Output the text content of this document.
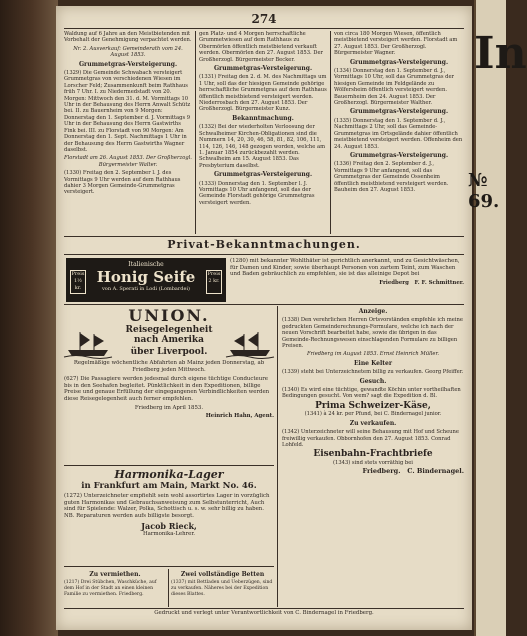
274

Waldung auf 6 Jahre an den Meistbietenden mit Vorbehalt der Genehmigung verpachtet werden.

Nr. 2. Ausverkauf: Gemeinderath vom 24. August 1853.

Grummetgras-Versteigerung.

(1329) Die Gemeinde Schwabach versteigert Grummetgras von verschiedenen Wiesen im Lorscher Feld; Zusammenkunft beim Rathhaus früh 7 Uhr. I. zu Niedermedstadt von 20. Morgen: Mittwoch den 31. d. M. Vormittags 10 Uhr in der Behausung des Herrn Anwalt Schütz bei. II. zu Bauernheim von 9 Morgen: Donnerstag den 1. September d. J. Vormittags 9 Uhr in der Behausung des Herrn Gastwirths Fink bei. III. zu Florstadt von 90 Morgen: Am Donnerstag den 1. Sept. Nachmittags 1 Uhr in der Behausung des Herrn Gastwirths Wagner daselbst.

Florstadt am 26. August 1853. Der Großherzogl. Bürgermeister Walter.

(1330) Freitag den 2. September l. J. des Vormittags 9 Uhr werden auf dem Rathhaus dahier 3 Morgen Gemeinde-Grummetgras versteigert.

gen Platz- und 4 Morgen herrschaftliche Grummetwiesen auf dem Rathhaus zu Obermörlen öffentlich meistbietend verkauft werden. Obermörlen den 27. August 1853. Der Großherzogl. Bürgermeister Becker.

Grummetgras-Versteigerung.

(1331) Freitag den 2. d. M. des Nachmittags um 1 Uhr, soll das der hiesigen Gemeinde gehörige herrschaftliche Grummetgras auf dem Rathhaus öffentlich meistbietend versteigert werden. Niederrosbach den 27. August 1853. Der Großherzogl. Bürgermeister Kunz.

Bekanntmachung.

(1332) Bei der wiederholten Verloosung der Schwalheimer Kirchen-Obligationen sind die Nummern 14, 20, 30, 46, 58, 81, 82, 106, 111, 114, 126, 146, 148 gezogen worden, welche am 1. Januar 1854 zurückbezahlt werden. Schwalheim am 15. August 1853. Das Presbyterium daselbst.

Grummetgras-Versteigerung.

(1333) Donnerstag den 1. September l. J. Vormittags 10 Uhr anfangend, soll das der Gemeinde Florstadt gehörige Grummetgras versteigert werden.

von circa 180 Morgen Wiesen, öffentlich meistbietend versteigert werden. Florstadt am 27. August 1853. Der Großherzogl. Bürgermeister Wagner.

Grummetgras-Versteigerung.

(1334) Donnerstag den 1. September d. J., Vormittags 10 Uhr, soll das Grummetgras der hiesigen Gemeinde im Feldgelände zu Wölfersheim öffentlich versteigert werden. Bauernheim den 24. August 1853. Der Großherzogl. Bürgermeister Walther.

Grummetgras-Versteigerung.

(1335) Donnerstag den 1. September d. J., Nachmittags 2 Uhr, soll das Gemeinde-Grummetgras im Ortsgelände dahier öffentlich meistbietend versteigert werden. Offenheim den 24. August 1853.

Grummetgras-Versteigerung.

(1336) Freitag den 2. September d. J., Vormittags 9 Uhr anfangend, soll das Grummetgras der Gemeinde Ossenheim öffentlich meistbietend versteigert werden. Bauheim den 27. August 1853.

Privat-Bekanntmachungen.
Preis 1½ kr.
Preis 2 kr.
Italienische
Honig Seife
von A. Sperati in Lodi (Lombardei)

(1280) mit bekannter Wohlthäter ist gerichtlich anerkannt, und zu Gesichtwäschen, für Damen und Kinder, sowie überhaupt Personen von zartem Teint, zum Waschen und Baden gebräuchlich zu empfehlen, sie ist das alleinige Depot bei

Friedberg F. F. Schmittner.

UNION.
Reisegelegenheit nach Amerika
über Liverpool.

Regelmäßige wöchentliche Abfahrten ab Mainz jeden Donnerstag, ab Friedberg jeden Mittwoch.

(627) Die Passagiere werden jedesmal durch eigene tüchtige Conducteure bis in den Seehafen begleitet. Pünktlichkeit in den Expeditionen, billige Preise und genaue Erfüllung der eingegangenen Verbindlichkeiten werden diese Reisegelegenheit auch ferner empfehlen.

Friedberg im April 1853.

Heinrich Hahn, Agent.

Harmonika-Lager
in Frankfurt am Main, Markt No. 46.

(1272) Unterzeichneter empfiehlt sein wohl assortirtes Lager in vorzüglich guten Harmonikas und Gebrauchsanweisung zum Selbstunterricht, Auch sind für Spielende: Walzer, Polka, Schottisch u. s. w. sehr billig zu haben. NB. Reparaturen werden aufs billigste besorgt.

Jacob Rieck,
Harmonika-Lehrer.
Zu vermiethen.

(1217) Drei Stübchen, Waschküche, auf dem Hof in der Stadt an einen kleinen Familie zu vermiethen. Friedberg.

Zwei vollständige Betten

(1337) mit Bettladen und Ueberzügen, sind zu verkaufen. Näheres bei der Expedition dieses Blattes.

Anzeige.

(1338) Den verehrlichen Herren Ortsvorständen empfehle ich meine gedruckten Gemeinderechnungs-Formulare, welche ich nach der neuen Vorschrift bearbeitet habe, sowie die übrigen in das Gemeinde-Rechnungswesen einschlagenden Formulare zu billigen Preisen.

Friedberg im August 1853. Ernst Heinrich Müller.

Eine Kelter

(1339) steht bei Unterzeichnetem billig zu verkaufen. Georg Pfeiffer.

Gesuch.

(1340) Es wird eine tüchtige, gewandte Köchin unter vortheilhaften Bedingungen gesucht. Von wem? sagt die Expedition d. Bl.

Prima Schweizer-Käse,

(1341) à 24 kr. per Pfund, bei C. Bindernagel junior.

Zu verkaufen.

(1342) Unterzeichneter will seine Behausung mit Hof und Scheune freiwillig verkaufen. Obbornhofen den 27. August 1853. Conrad Lohfeld.

Eisenbahn-Frachtbriefe

(1343) sind stets vorräthig bei

Friedberg. C. Bindernagel.

Gedruckt und verlegt unter Verantwortlichkeit von C. Bindernagel in Friedberg.
In
№ 69.
